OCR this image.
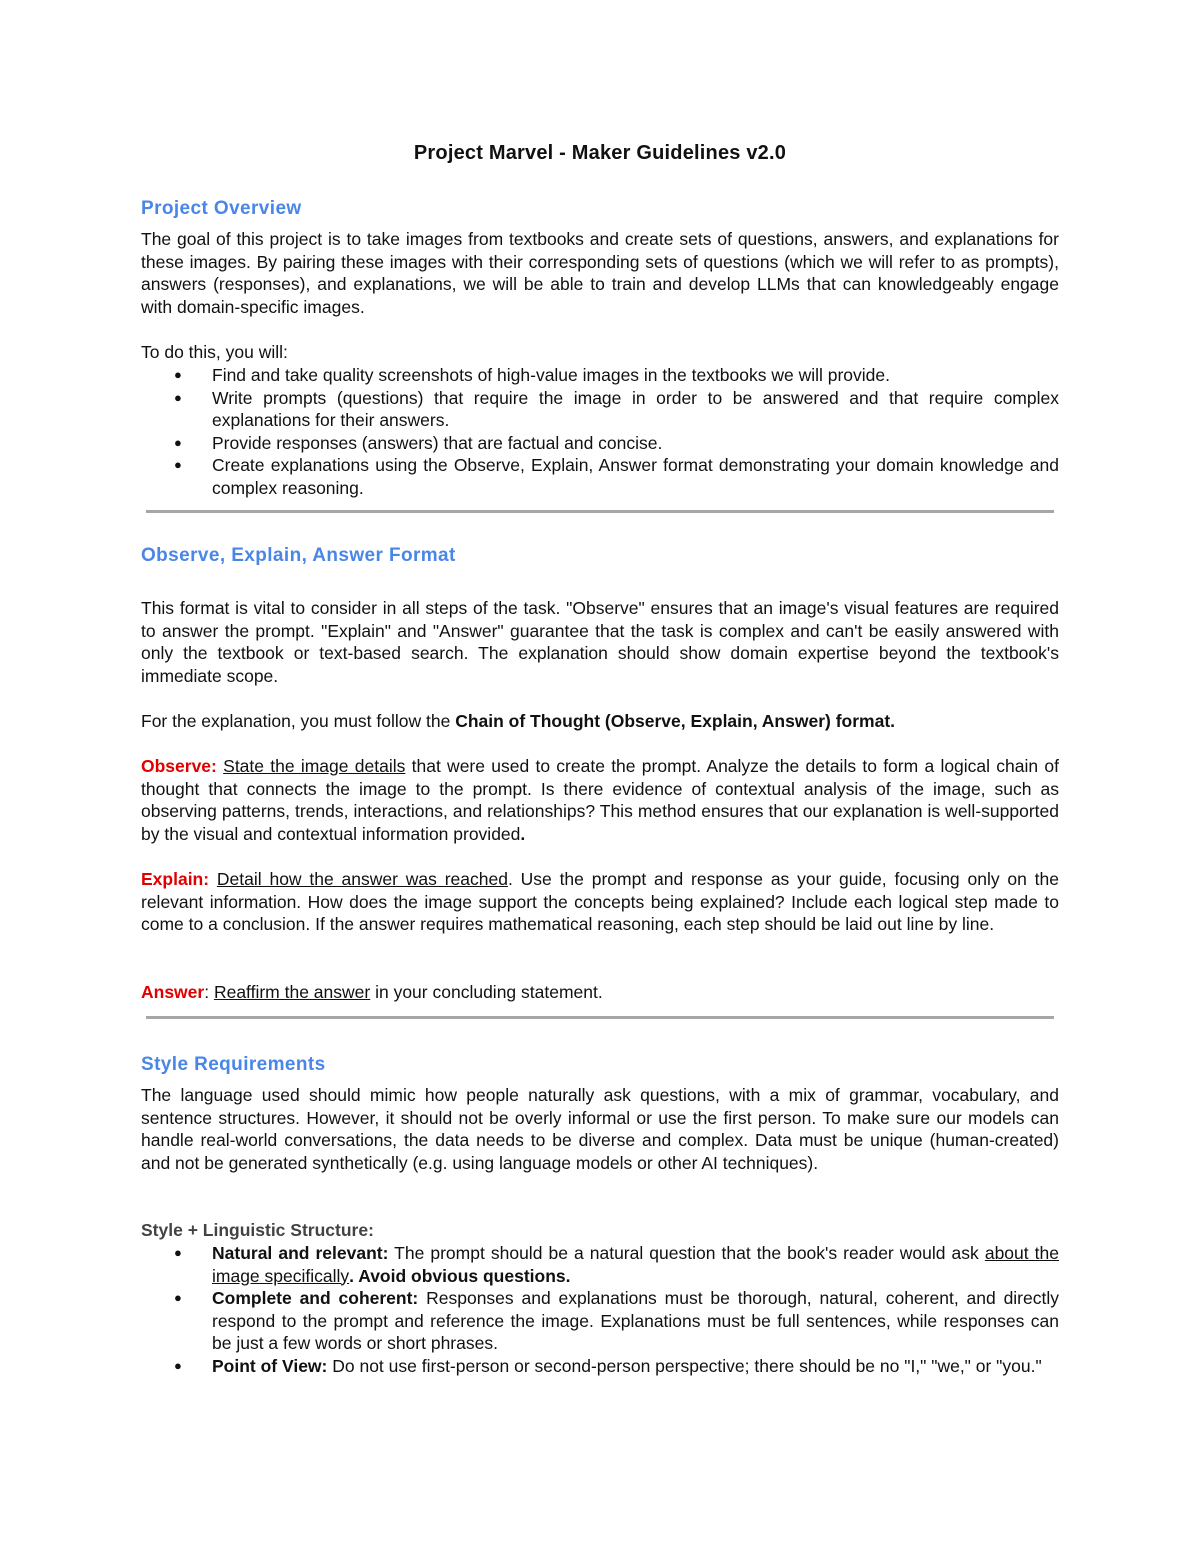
Project Marvel - Maker Guidelines v2.0
Project Overview
The goal of this project is to take images from textbooks and create sets of questions, answers, and explanations for these images. By pairing these images with their corresponding sets of questions (which we will refer to as prompts), answers (responses), and explanations, we will be able to train and develop LLMs that can knowledgeably engage with domain-specific images.
To do this, you will:
● Find and take quality screenshots of high-value images in the textbooks we will provide.
● Write prompts (questions) that require the image in order to be answered and that require complex explanations for their answers.
● Provide responses (answers) that are factual and concise.
● Create explanations using the Observe, Explain, Answer format demonstrating your domain knowledge and complex reasoning.
Observe, Explain, Answer Format
This format is vital to consider in all steps of the task. "Observe" ensures that an image's visual features are required to answer the prompt. "Explain" and "Answer" guarantee that the task is complex and can't be easily answered with only the textbook or text-based search. The explanation should show domain expertise beyond the textbook's immediate scope.
For the explanation, you must follow the Chain of Thought (Observe, Explain, Answer) format.
Observe: State the image details that were used to create the prompt. Analyze the details to form a logical chain of thought that connects the image to the prompt. Is there evidence of contextual analysis of the image, such as observing patterns, trends, interactions, and relationships? This method ensures that our explanation is well-supported by the visual and contextual information provided.
Explain: Detail how the answer was reached. Use the prompt and response as your guide, focusing only on the relevant information. How does the image support the concepts being explained? Include each logical step made to come to a conclusion. If the answer requires mathematical reasoning, each step should be laid out line by line.
Answer: Reaffirm the answer in your concluding statement.
Style Requirements
The language used should mimic how people naturally ask questions, with a mix of grammar, vocabulary, and sentence structures. However, it should not be overly informal or use the first person. To make sure our models can handle real-world conversations, the data needs to be diverse and complex. Data must be unique (human-created) and not be generated synthetically (e.g. using language models or other AI techniques).
Style + Linguistic Structure:
● Natural and relevant: The prompt should be a natural question that the book's reader would ask about the image specifically. Avoid obvious questions.
● Complete and coherent: Responses and explanations must be thorough, natural, coherent, and directly respond to the prompt and reference the image. Explanations must be full sentences, while responses can be just a few words or short phrases.
● Point of View: Do not use first-person or second-person perspective; there should be no "I," "we," or "you."
